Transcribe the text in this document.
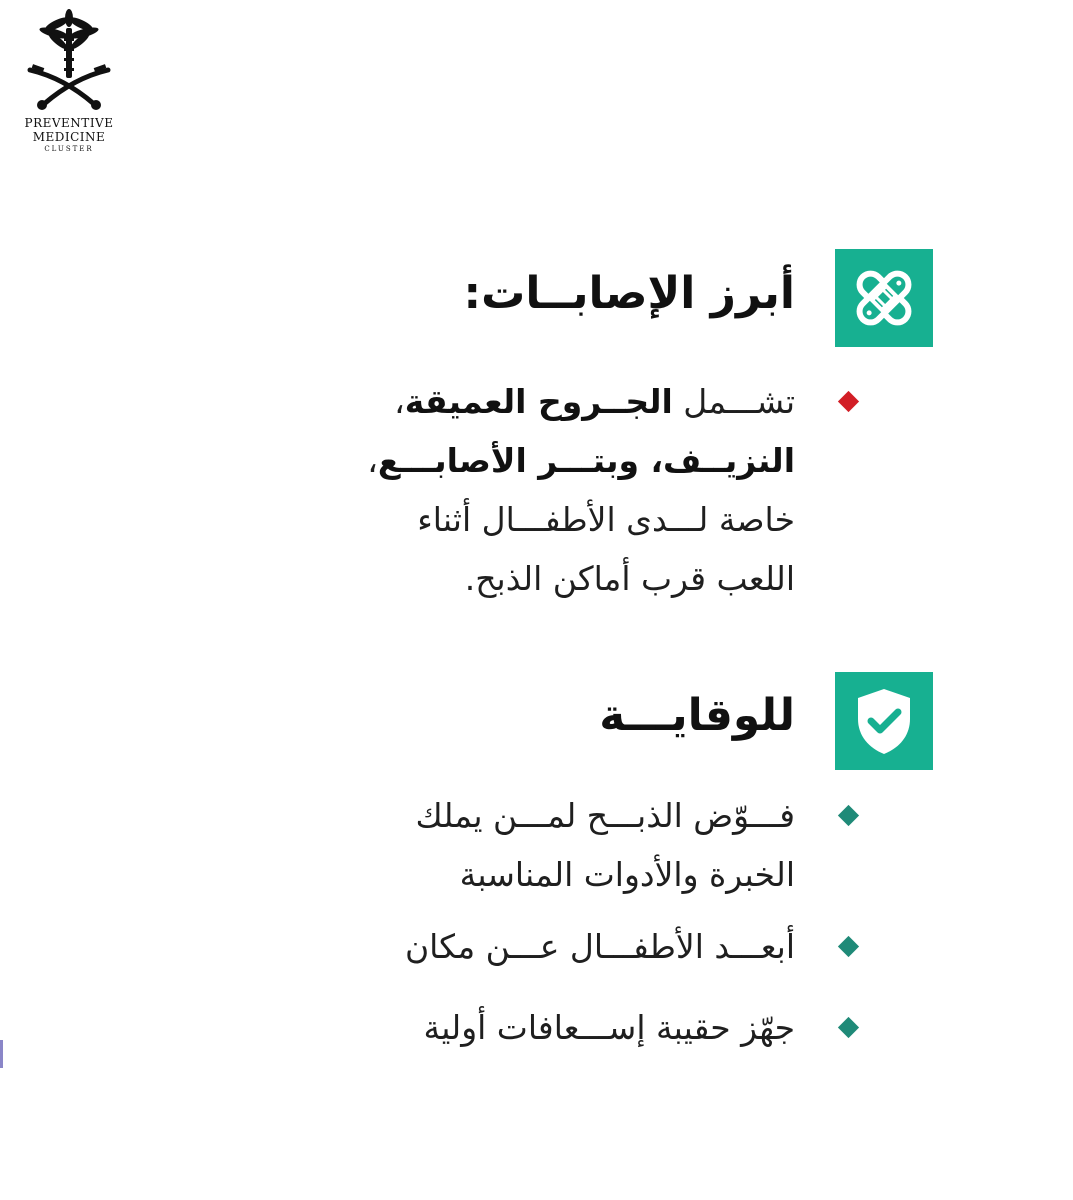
PREVENTIVE
MEDICINE
CLUSTER
أبرز الإصابــات:
تشـــمل الجــروح العميقة،
النزيــف، وبتـــر الأصابـــع،
خاصة لـــدى الأطفـــال أثناء
اللعب قرب أماكن الذبح.
للوقايـــة
فـــوّض الذبـــح لمـــن يملك
الخبرة والأدوات المناسبة
أبعـــد الأطفـــال عـــن مكان
جهّز حقيبة إســـعافات أولية
